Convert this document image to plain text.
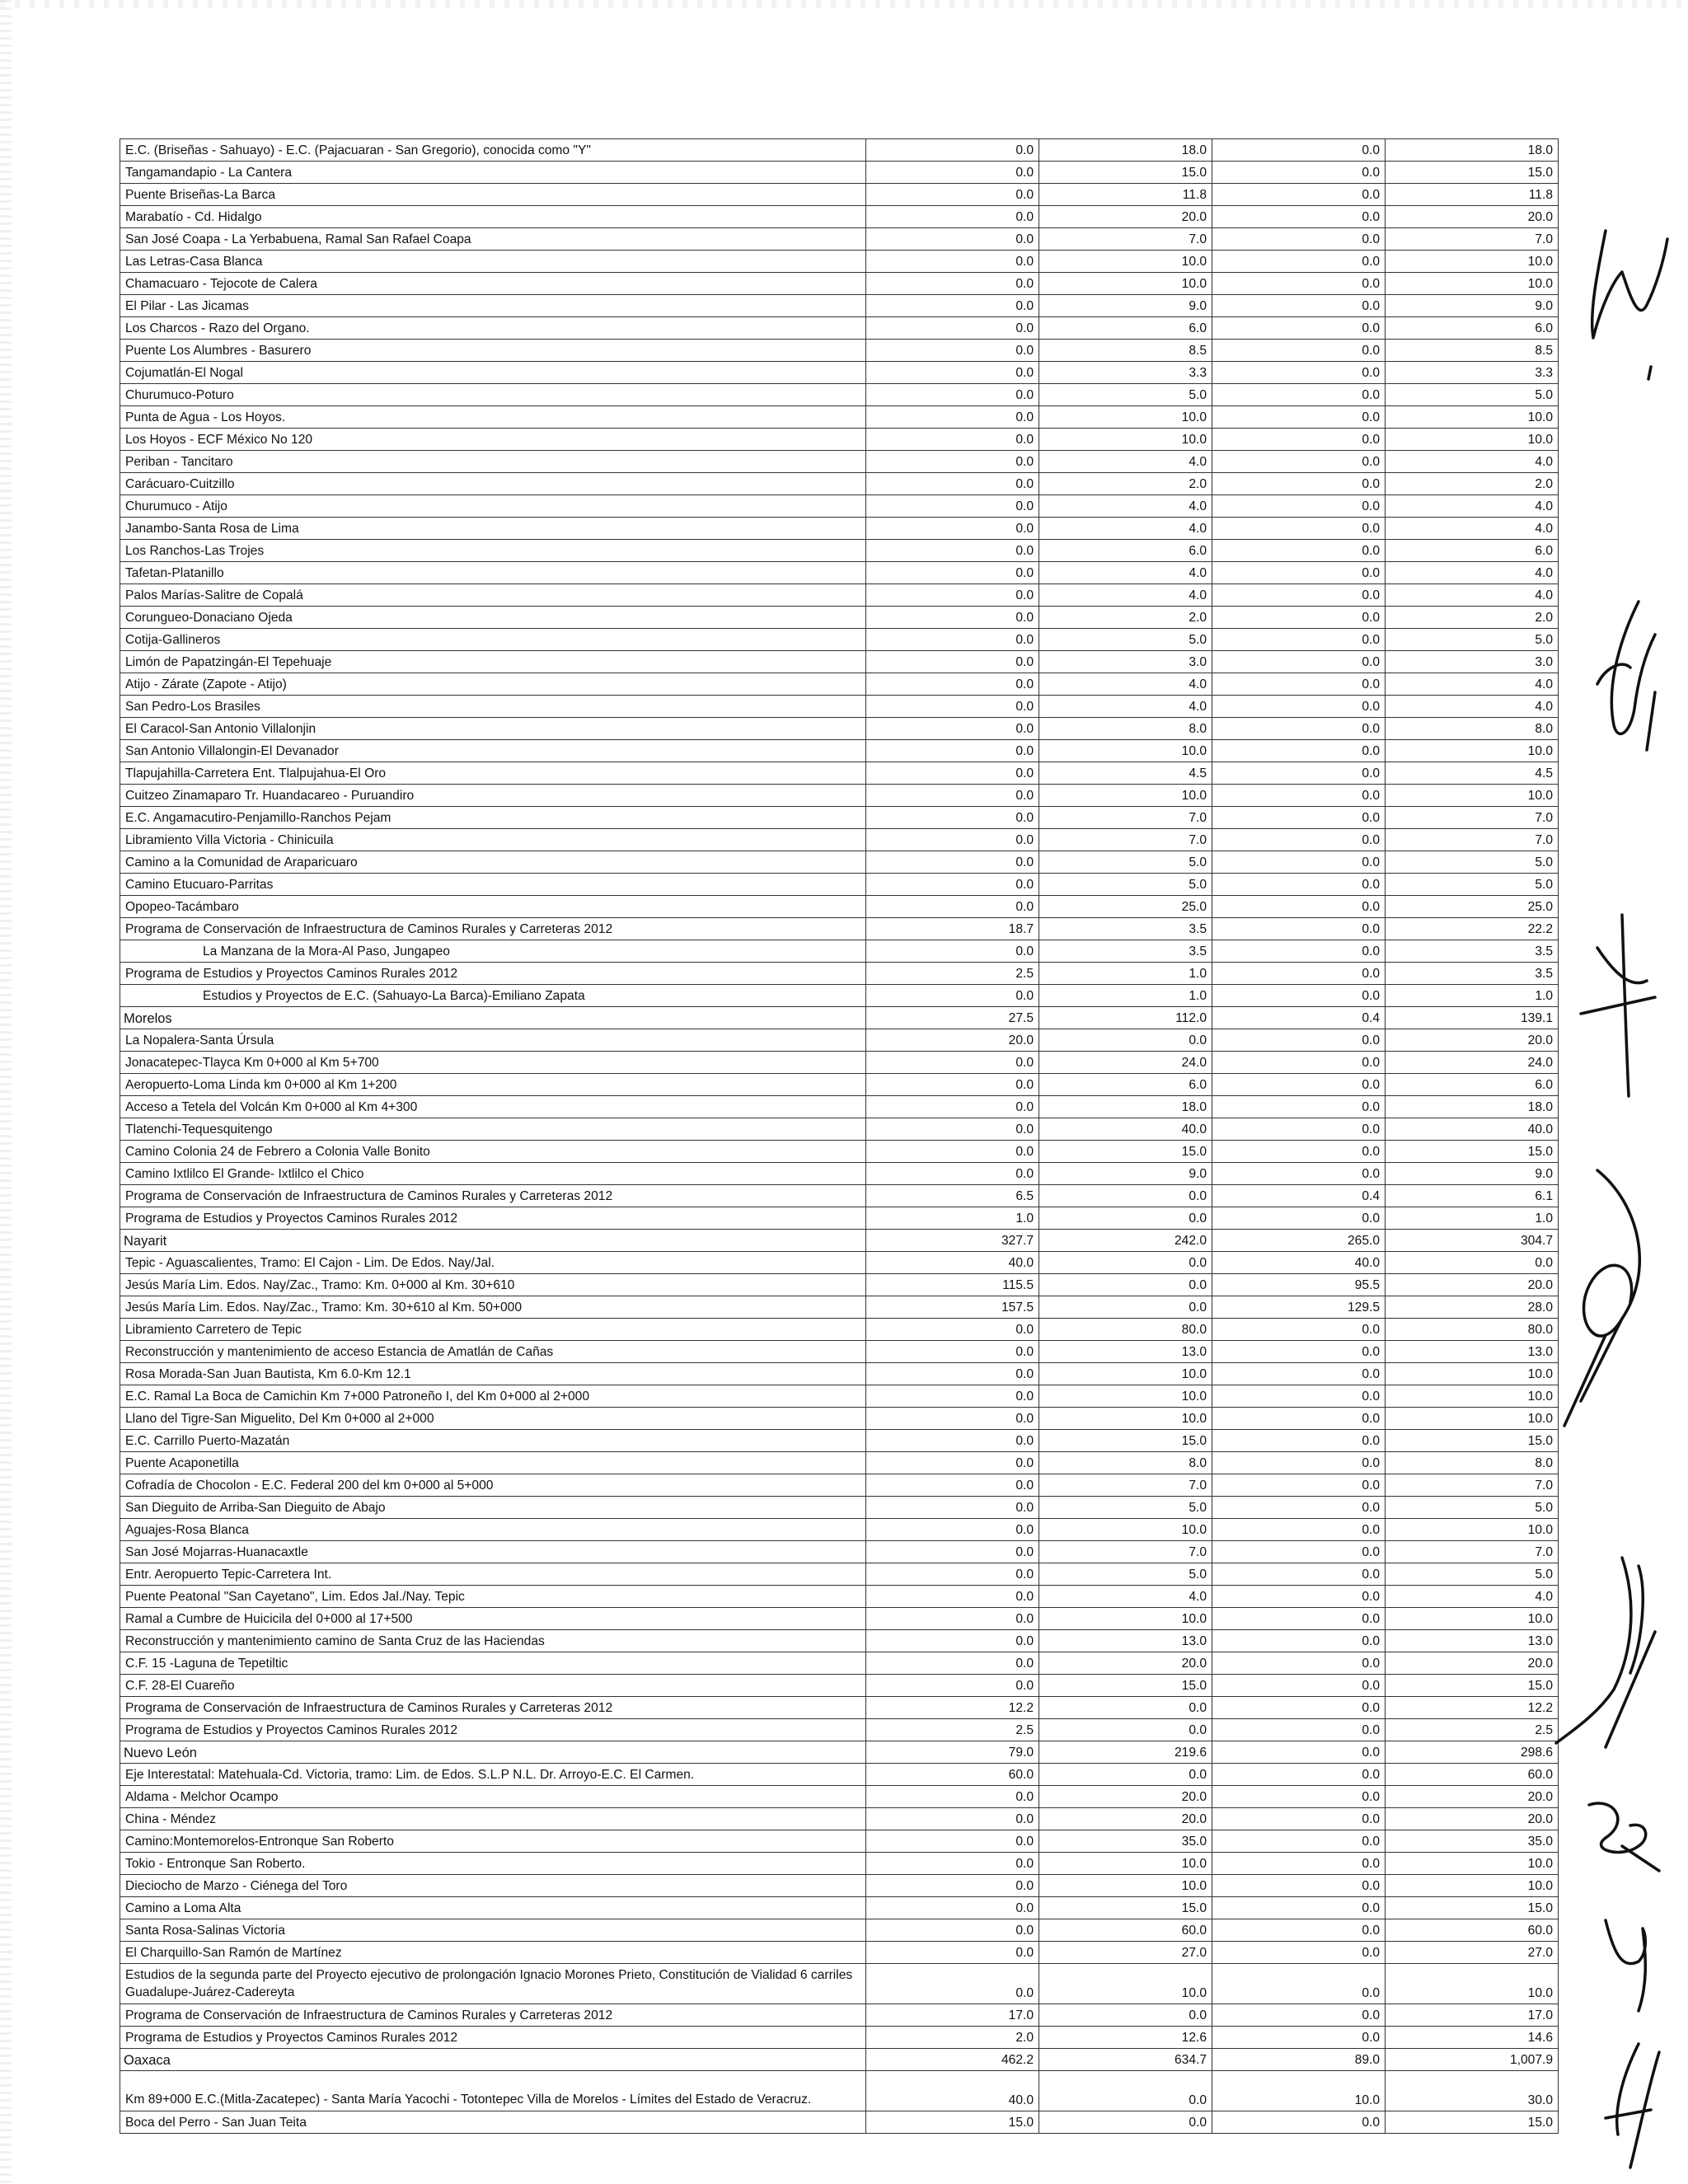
E.C. (Briseñas - Sahuayo) - E.C. (Pajacuaran - San Gregorio), conocida como "Y"	0.0	18.0	0.0	18.0
Tangamandapio - La Cantera	0.0	15.0	0.0	15.0
Puente Briseñas-La Barca	0.0	11.8	0.0	11.8
Marabatío - Cd. Hidalgo	0.0	20.0	0.0	20.0
San José Coapa - La Yerbabuena, Ramal San Rafael Coapa	0.0	7.0	0.0	7.0
Las Letras-Casa Blanca	0.0	10.0	0.0	10.0
Chamacuaro - Tejocote de Calera	0.0	10.0	0.0	10.0
El Pilar - Las Jicamas	0.0	9.0	0.0	9.0
Los Charcos - Razo del Organo.	0.0	6.0	0.0	6.0
Puente Los Alumbres - Basurero	0.0	8.5	0.0	8.5
Cojumatlán-El Nogal	0.0	3.3	0.0	3.3
Churumuco-Poturo	0.0	5.0	0.0	5.0
Punta de Agua - Los Hoyos.	0.0	10.0	0.0	10.0
Los Hoyos - ECF México No 120	0.0	10.0	0.0	10.0
Periban - Tancitaro	0.0	4.0	0.0	4.0
Carácuaro-Cuitzillo	0.0	2.0	0.0	2.0
Churumuco - Atijo	0.0	4.0	0.0	4.0
Janambo-Santa Rosa de Lima	0.0	4.0	0.0	4.0
Los Ranchos-Las Trojes	0.0	6.0	0.0	6.0
Tafetan-Platanillo	0.0	4.0	0.0	4.0
Palos Marías-Salitre de Copalá	0.0	4.0	0.0	4.0
Corungueo-Donaciano Ojeda	0.0	2.0	0.0	2.0
Cotija-Gallineros	0.0	5.0	0.0	5.0
Limón de Papatzingán-El Tepehuaje	0.0	3.0	0.0	3.0
Atijo - Zárate (Zapote - Atijo)	0.0	4.0	0.0	4.0
San Pedro-Los Brasiles	0.0	4.0	0.0	4.0
El Caracol-San Antonio Villalonjin	0.0	8.0	0.0	8.0
San Antonio Villalongin-El Devanador	0.0	10.0	0.0	10.0
Tlapujahilla-Carretera Ent. Tlalpujahua-El Oro	0.0	4.5	0.0	4.5
Cuitzeo Zinamaparo Tr. Huandacareo - Puruandiro	0.0	10.0	0.0	10.0
E.C. Angamacutiro-Penjamillo-Ranchos Pejam	0.0	7.0	0.0	7.0
Libramiento Villa Victoria - Chinicuila	0.0	7.0	0.0	7.0
Camino a la Comunidad de Araparicuaro	0.0	5.0	0.0	5.0
Camino Etucuaro-Parritas	0.0	5.0	0.0	5.0
Opopeo-Tacámbaro	0.0	25.0	0.0	25.0
Programa de Conservación de Infraestructura de Caminos Rurales y Carreteras 2012	18.7	3.5	0.0	22.2
La Manzana de la Mora-Al Paso, Jungapeo	0.0	3.5	0.0	3.5
Programa de Estudios y Proyectos Caminos Rurales 2012	2.5	1.0	0.0	3.5
Estudios y Proyectos de E.C. (Sahuayo-La Barca)-Emiliano Zapata	0.0	1.0	0.0	1.0
Morelos	27.5	112.0	0.4	139.1
La Nopalera-Santa Úrsula	20.0	0.0	0.0	20.0
Jonacatepec-Tlayca Km 0+000 al Km 5+700	0.0	24.0	0.0	24.0
Aeropuerto-Loma Linda km 0+000 al Km 1+200	0.0	6.0	0.0	6.0
Acceso a Tetela del Volcán Km 0+000 al Km 4+300	0.0	18.0	0.0	18.0
Tlatenchi-Tequesquitengo	0.0	40.0	0.0	40.0
Camino Colonia 24 de Febrero a Colonia Valle Bonito	0.0	15.0	0.0	15.0
Camino Ixtlilco El Grande- Ixtlilco el Chico	0.0	9.0	0.0	9.0
Programa de Conservación de Infraestructura de Caminos Rurales y Carreteras 2012	6.5	0.0	0.4	6.1
Programa de Estudios y Proyectos Caminos Rurales 2012	1.0	0.0	0.0	1.0
Nayarit	327.7	242.0	265.0	304.7
Tepic - Aguascalientes, Tramo: El Cajon - Lim. De Edos. Nay/Jal.	40.0	0.0	40.0	0.0
Jesús María Lim. Edos. Nay/Zac., Tramo: Km. 0+000 al Km. 30+610	115.5	0.0	95.5	20.0
Jesús María Lim. Edos. Nay/Zac., Tramo: Km. 30+610 al Km. 50+000	157.5	0.0	129.5	28.0
Libramiento Carretero de Tepic	0.0	80.0	0.0	80.0
Reconstrucción y mantenimiento de acceso Estancia de Amatlán de Cañas	0.0	13.0	0.0	13.0
Rosa Morada-San Juan Bautista, Km 6.0-Km 12.1	0.0	10.0	0.0	10.0
E.C. Ramal La Boca de Camichin Km 7+000 Patroneño I, del Km 0+000 al 2+000	0.0	10.0	0.0	10.0
Llano del Tigre-San Miguelito, Del Km 0+000 al 2+000	0.0	10.0	0.0	10.0
E.C. Carrillo Puerto-Mazatán	0.0	15.0	0.0	15.0
Puente Acaponetilla	0.0	8.0	0.0	8.0
Cofradía de Chocolon - E.C. Federal 200 del km 0+000 al 5+000	0.0	7.0	0.0	7.0
San Dieguito de Arriba-San Dieguito de Abajo	0.0	5.0	0.0	5.0
Aguajes-Rosa Blanca	0.0	10.0	0.0	10.0
San José Mojarras-Huanacaxtle	0.0	7.0	0.0	7.0
Entr. Aeropuerto Tepic-Carretera Int.	0.0	5.0	0.0	5.0
Puente Peatonal "San Cayetano", Lim. Edos Jal./Nay. Tepic	0.0	4.0	0.0	4.0
Ramal a Cumbre de Huicicila del 0+000 al 17+500	0.0	10.0	0.0	10.0
Reconstrucción y mantenimiento camino de Santa Cruz de las Haciendas	0.0	13.0	0.0	13.0
C.F. 15 -Laguna de Tepetiltic	0.0	20.0	0.0	20.0
C.F. 28-El Cuareño	0.0	15.0	0.0	15.0
Programa de Conservación de Infraestructura de Caminos Rurales y Carreteras 2012	12.2	0.0	0.0	12.2
Programa de Estudios y Proyectos Caminos Rurales 2012	2.5	0.0	0.0	2.5
Nuevo León	79.0	219.6	0.0	298.6
Eje Interestatal: Matehuala-Cd. Victoria, tramo: Lim. de Edos. S.L.P N.L. Dr. Arroyo-E.C. El Carmen.	60.0	0.0	0.0	60.0
Aldama - Melchor Ocampo	0.0	20.0	0.0	20.0
China - Méndez	0.0	20.0	0.0	20.0
Camino:Montemorelos-Entronque San Roberto	0.0	35.0	0.0	35.0
Tokio - Entronque San Roberto.	0.0	10.0	0.0	10.0
Dieciocho de Marzo - Ciénega del Toro	0.0	10.0	0.0	10.0
Camino a Loma Alta	0.0	15.0	0.0	15.0
Santa Rosa-Salinas Victoria	0.0	60.0	0.0	60.0
El Charquillo-San Ramón de Martínez	0.0	27.0	0.0	27.0
Estudios de la segunda parte del Proyecto ejecutivo de prolongación Ignacio Morones Prieto, Constitución de Vialidad 6 carriles Guadalupe-Juárez-Cadereyta	0.0	10.0	0.0	10.0
Programa de Conservación de Infraestructura de Caminos Rurales y Carreteras 2012	17.0	0.0	0.0	17.0
Programa de Estudios y Proyectos Caminos Rurales 2012	2.0	12.6	0.0	14.6
Oaxaca	462.2	634.7	89.0	1,007.9
Km 89+000 E.C.(Mitla-Zacatepec) - Santa María Yacochi - Totontepec Villa de Morelos - Límites del Estado de Veracruz.	40.0	0.0	10.0	30.0
Boca del Perro - San Juan Teita	15.0	0.0	0.0	15.0
